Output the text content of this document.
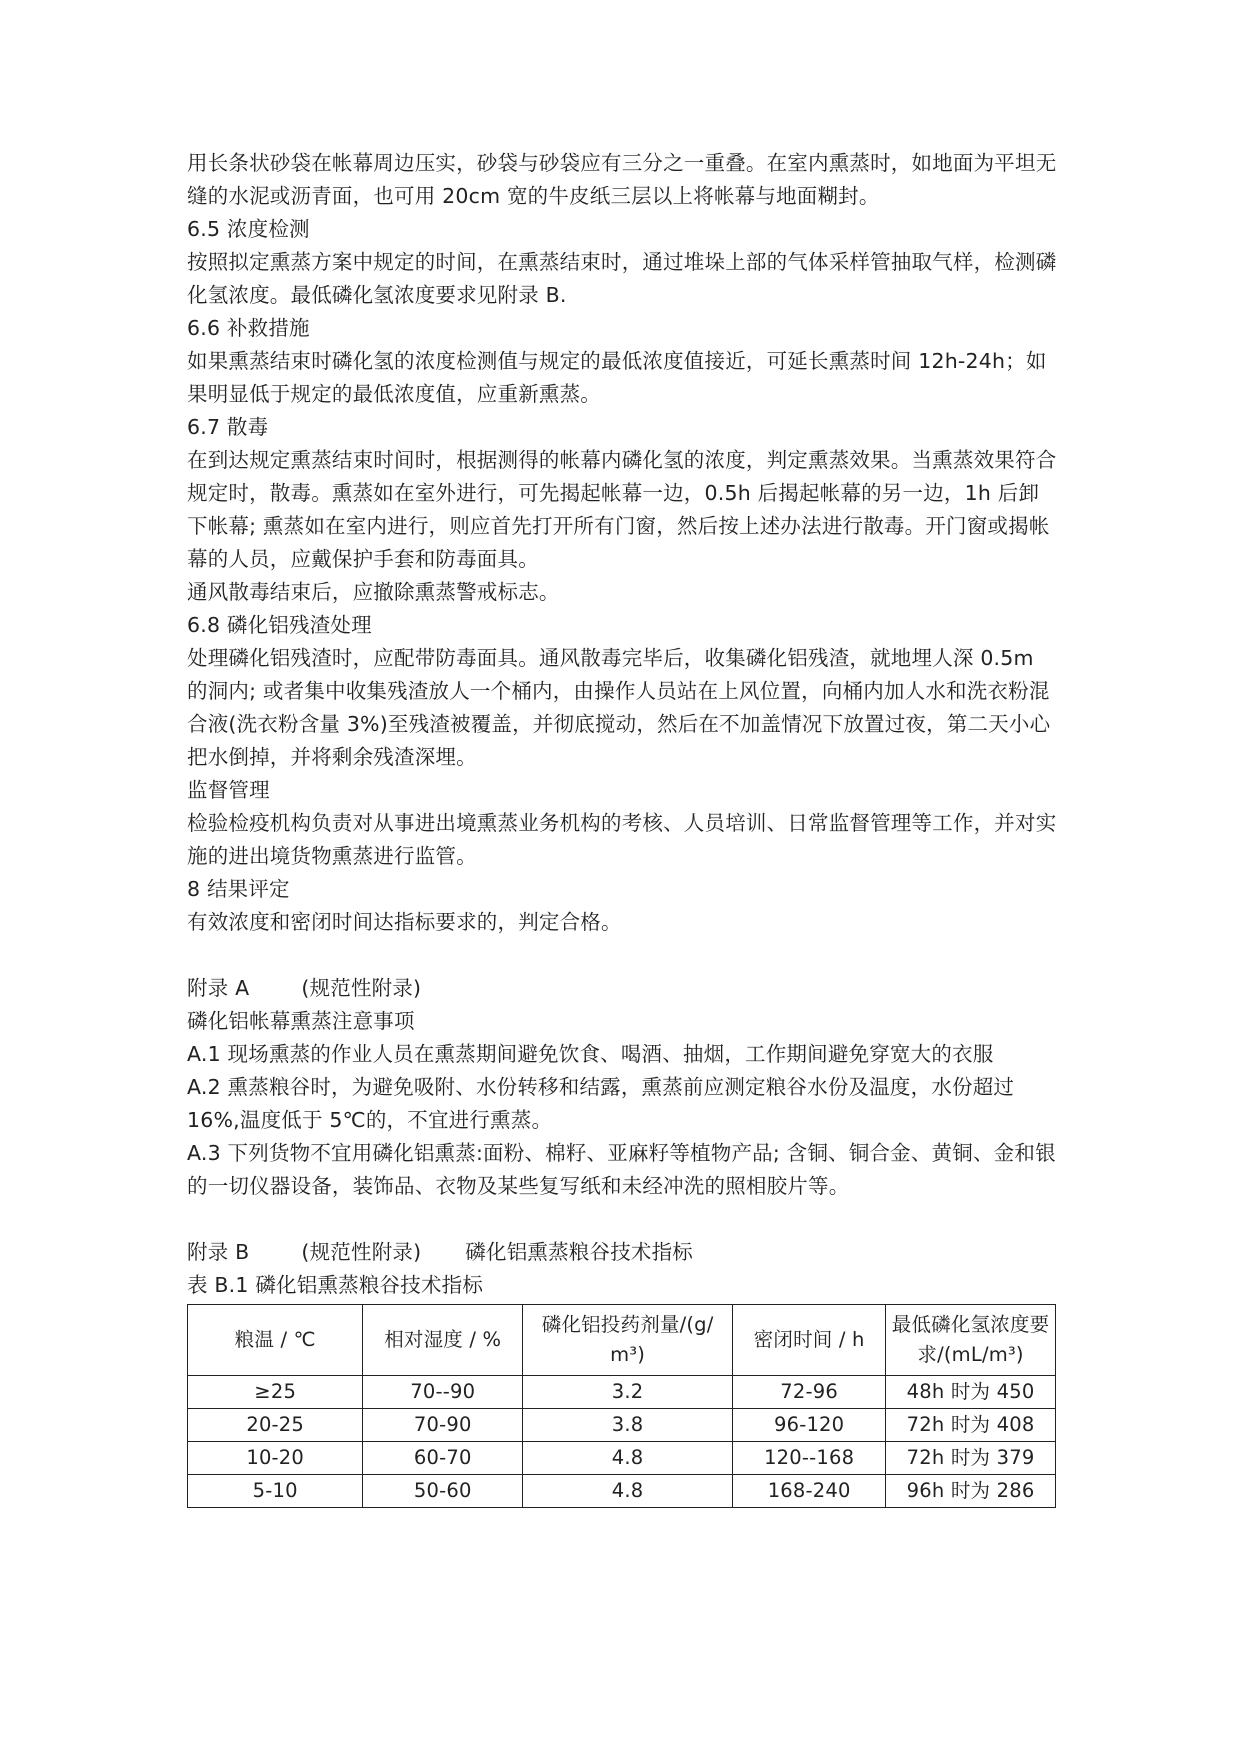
用长条状砂袋在帐幕周边压实，砂袋与砂袋应有三分之一重叠。在室内熏蒸时，如地面为平坦无缝的水泥或沥青面，也可用 20cm 宽的牛皮纸三层以上将帐幕与地面糊封。

6.5 浓度检测

按照拟定熏蒸方案中规定的时间，在熏蒸结束时，通过堆垛上部的气体采样管抽取气样，检测磷化氢浓度。最低磷化氢浓度要求见附录 B.

6.6 补救措施

如果熏蒸结束时磷化氢的浓度检测值与规定的最低浓度值接近，可延长熏蒸时间 12h-24h；如果明显低于规定的最低浓度值，应重新熏蒸。

6.7 散毒

在到达规定熏蒸结束时间时，根据测得的帐幕内磷化氢的浓度，判定熏蒸效果。当熏蒸效果符合规定时，散毒。熏蒸如在室外进行，可先揭起帐幕一边，0.5h 后揭起帐幕的另一边，1h 后卸下帐幕; 熏蒸如在室内进行，则应首先打开所有门窗，然后按上述办法进行散毒。开门窗或揭帐幕的人员，应戴保护手套和防毒面具。

通风散毒结束后，应撤除熏蒸警戒标志。

6.8 磷化铝残渣处理

处理磷化铝残渣时，应配带防毒面具。通风散毒完毕后，收集磷化铝残渣，就地埋人深 0.5m 的洞内; 或者集中收集残渣放人一个桶内，由操作人员站在上风位置，向桶内加人水和洗衣粉混合液(洗衣粉含量 3%)至残渣被覆盖，并彻底搅动，然后在不加盖情况下放置过夜，第二天小心把水倒掉，并将剩余残渣深埋。

监督管理

检验检疫机构负责对从事进出境熏蒸业务机构的考核、人员培训、日常监督管理等工作，并对实施的进出境货物熏蒸进行监管。

8 结果评定

有效浓度和密闭时间达指标要求的，判定合格。

附录 A	(规范性附录)

磷化铝帐幕熏蒸注意事项

A.1 现场熏蒸的作业人员在熏蒸期间避免饮食、喝酒、抽烟，工作期间避免穿宽大的衣服

A.2 熏蒸粮谷时，为避免吸附、水份转移和结露，熏蒸前应测定粮谷水份及温度，水份超过 16%,温度低于 5℃的，不宜进行熏蒸。

A.3 下列货物不宜用磷化铝熏蒸:面粉、棉籽、亚麻籽等植物产品; 含铜、铜合金、黄铜、金和银的一切仪器设备，装饰品、衣物及某些复写纸和未经冲洗的照相胶片等。

附录 B	(规范性附录) 磷化铝熏蒸粮谷技术指标

表 B.1 磷化铝熏蒸粮谷技术指标

粮温 / ℃	相对湿度 / %	磷化铝投药剂量/(g/ m³)	密闭时间 / h	最低磷化氢浓度要求/(mL/m³)
≥25	70--90	3.2	72-96	48h 时为 450
20-25	70-90	3.8	96-120	72h 时为 408
10-20	60-70	4.8	120--168	72h 时为 379
5-10	50-60	4.8	168-240	96h 时为 286
